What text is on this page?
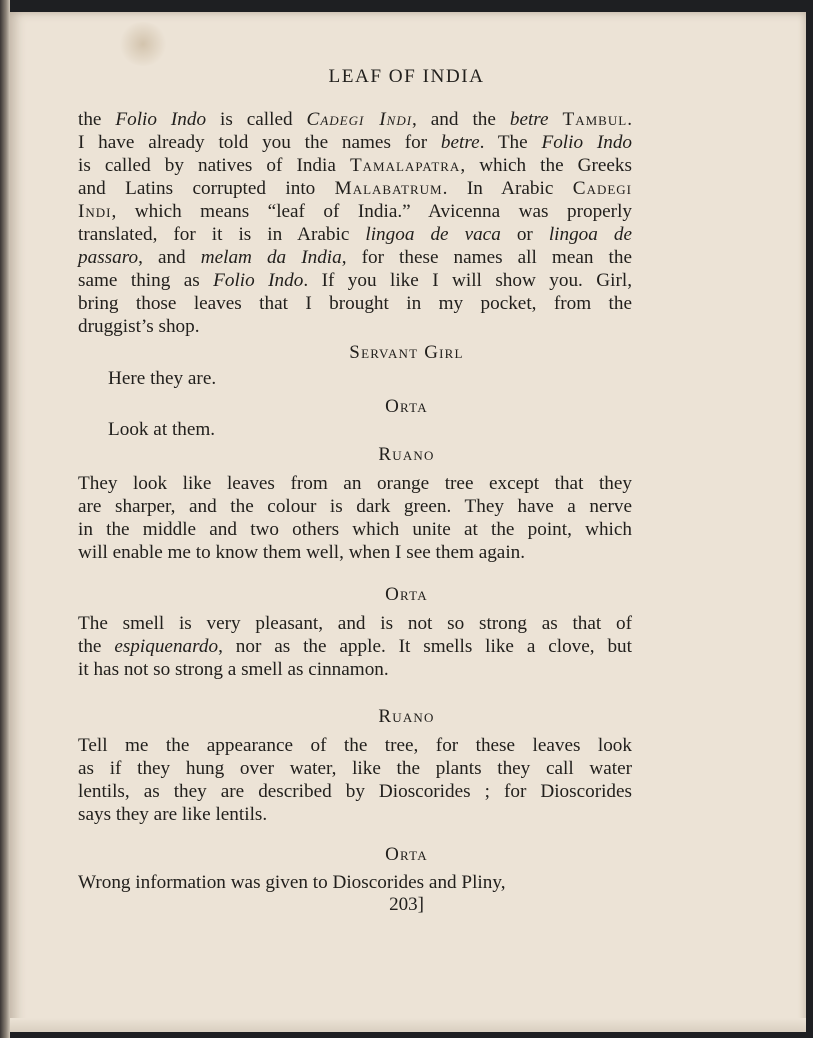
LEAF OF INDIA
the Folio Indo is called Cadegi Indi, and the betre Tambul.
I have already told you the names for betre. The Folio Indo
is called by natives of India Tamalapatra, which the Greeks
and Latins corrupted into Malabatrum. In Arabic Cadegi
Indi, which means “leaf of India.” Avicenna was properly
translated, for it is in Arabic lingoa de vaca or lingoa de
passaro, and melam da India, for these names all mean the
same thing as Folio Indo. If you like I will show you. Girl,
bring those leaves that I brought in my pocket, from the
druggist’s shop.

Servant Girl

Here they are.

Orta

Look at them.

Ruano

They look like leaves from an orange tree except that they
are sharper, and the colour is dark green. They have a nerve
in the middle and two others which unite at the point, which
will enable me to know them well, when I see them again.

Orta

The smell is very pleasant, and is not so strong as that of
the espiquenardo, nor as the apple. It smells like a clove, but
it has not so strong a smell as cinnamon.

Ruano

Tell me the appearance of the tree, for these leaves look
as if they hung over water, like the plants they call water
lentils, as they are described by Dioscorides ; for Dioscorides
says they are like lentils.

Orta

Wrong information was given to Dioscorides and Pliny,

203]
